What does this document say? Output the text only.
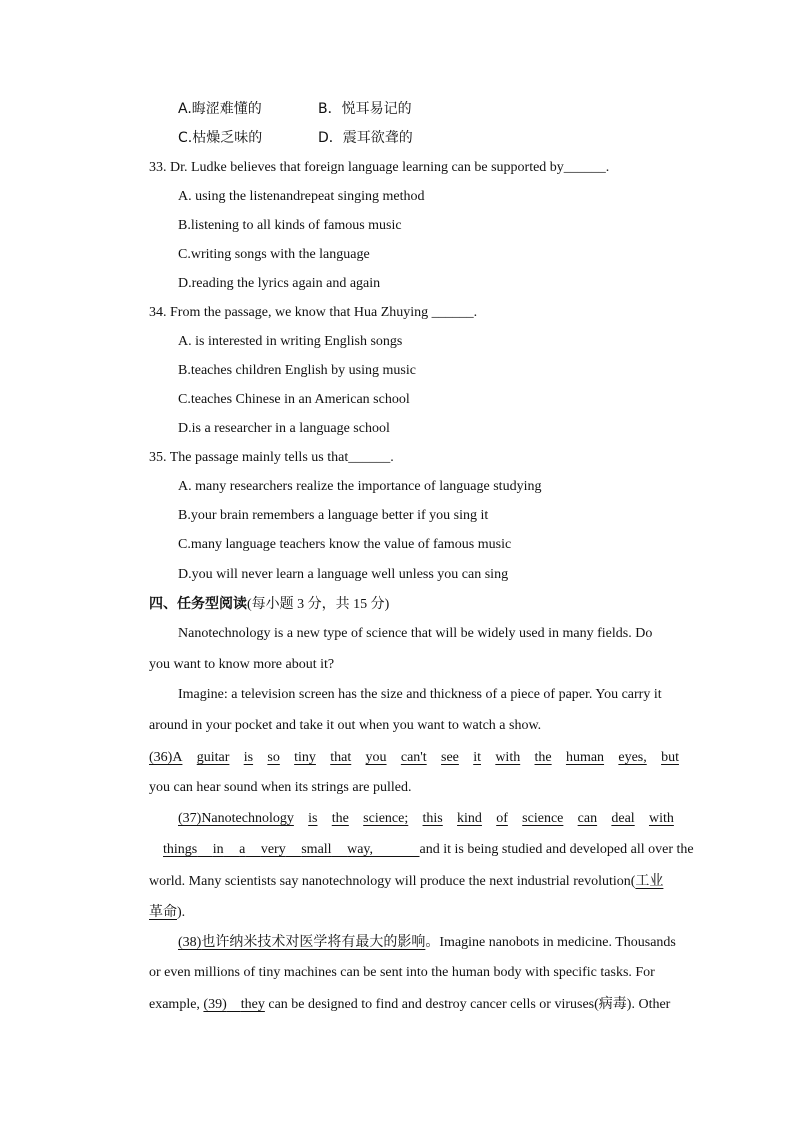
A.晦涩难懂的	B．悦耳易记的
C.枯燥乏味的	D．震耳欲聋的
33. Dr. Ludke believes that foreign language learning can be supported by______.
A. using the listenandrepeat singing method
B.listening to all kinds of famous music
C.writing songs with the language
D.reading the lyrics again and again
34. From the passage, we know that Hua Zhuying ______.
A. is interested in writing English songs
B.teaches children English by using music
C.teaches Chinese in an American school
D.is a researcher in a language school
35. The passage mainly tells us that______.
A. many researchers realize the importance of language studying
B.your brain remembers a language better if you sing it
C.many language teachers know the value of famous music
D.you will never learn a language well unless you can sing
四、任务型阅读(每小题 3 分，共 15 分)
Nanotechnology is a new type of science that will be widely used in many fields. Do
you want to know more about it?
Imagine: a television screen has the size and thickness of a piece of paper. You carry it
around in your pocket and take it out when you want to watch a show.
(36)A guitar is so tiny that you can't see it with the human eyes, but
you can hear sound when its strings are pulled.
(37)Nanotechnology is the science; this kind of science can deal with
things in a very small way,	and it is being studied and developed all over the
world. Many scientists say nanotechnology will produce the next industrial revolution(工业
革命).
(38)也许纳米技术对医学将有最大的影响。Imagine nanobots in medicine. Thousands
or even millions of tiny machines can be sent into the human body with specific tasks. For
example, (39) they can be designed to find and destroy cancer cells or viruses(病毒). Other
